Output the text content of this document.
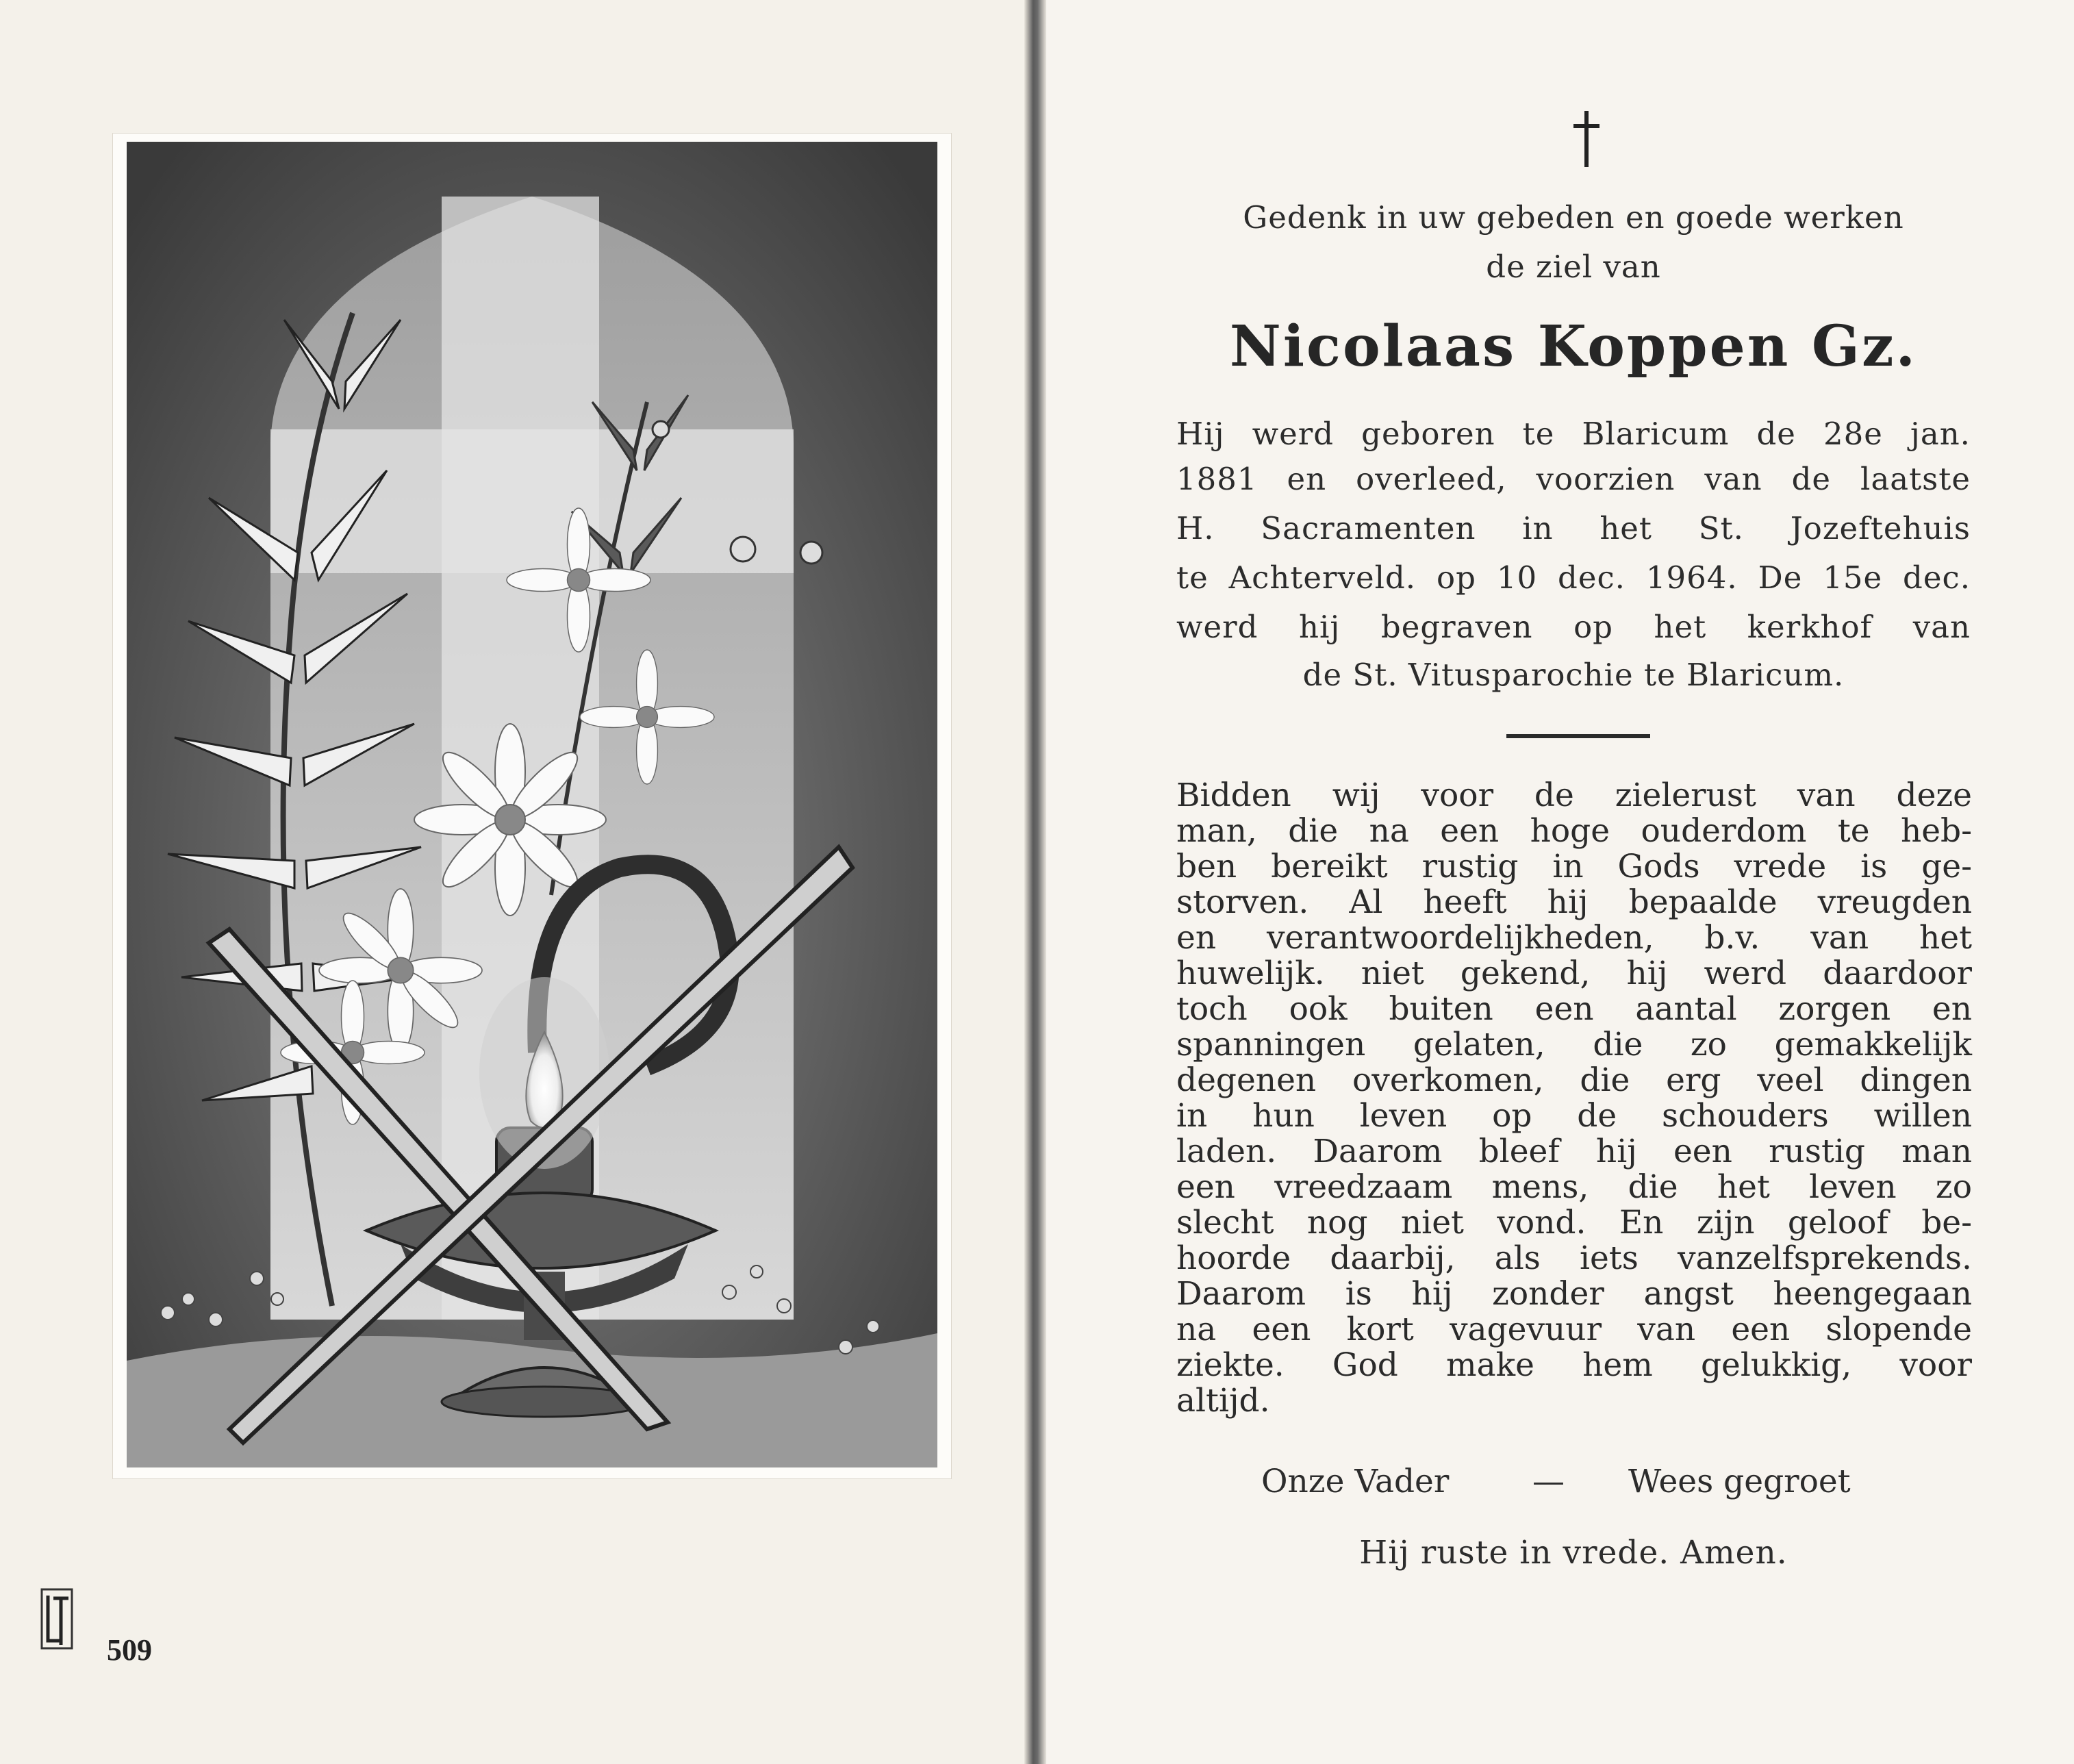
509
Gedenk in uw gebeden en goede werken
de ziel van
Nicolaas Koppen Gz.
Hij werd geboren te Blaricum de 28e jan.
1881 en overleed, voorzien van de laatste
H. Sacramenten in het St. Jozeftehuis
te Achterveld. op 10 dec. 1964. De 15e dec.
werd hij begraven op het kerkhof van
de St. Vitusparochie te Blaricum.
Bidden wij voor de zielerust van deze
man, die na een hoge ouderdom te heb-
ben bereikt rustig in Gods vrede is ge-
storven. Al heeft hij bepaalde vreugden
en verantwoordelijkheden, b.v. van het
huwelijk. niet gekend, hij werd daardoor
toch ook buiten een aantal zorgen en
spanningen gelaten, die zo gemakkelijk
degenen overkomen, die erg veel dingen
in hun leven op de schouders willen
laden. Daarom bleef hij een rustig man
een vreedzaam mens, die het leven zo
slecht nog niet vond. En zijn geloof be-
hoorde daarbij, als iets vanzelfsprekends.
Daarom is hij zonder angst heengegaan
na een kort vagevuur van een slopende
ziekte. God make hem gelukkig, voor
altijd.
Onze Vader	— Wees gegroet
Hij ruste in vrede. Amen.
